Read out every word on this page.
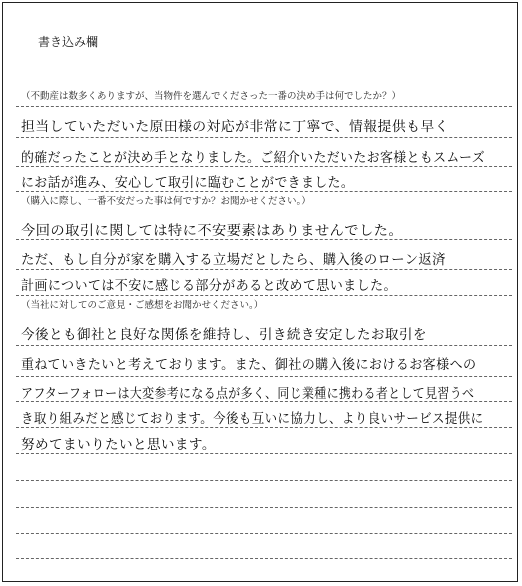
書き込み欄
（不動産は数多くありますが、当物件を選んでくださった一番の決め手は何でしたか？）
担当していただいた原田様の対応が非常に丁寧で、情報提供も早く
的確だったことが決め手となりました。ご紹介いただいたお客様ともスムーズ
にお話が進み、安心して取引に臨むことができました。
（購入に際し、一番不安だった事は何ですか？お聞かせください。）
今回の取引に関しては特に不安要素はありませんでした。
ただ、もし自分が家を購入する立場だとしたら、購入後のローン返済
計画については不安に感じる部分があると改めて思いました。
（当社に対してのご意見・ご感想をお聞かせください。）
今後とも御社と良好な関係を維持し、引き続き安定したお取引を
重ねていきたいと考えております。また、御社の購入後におけるお客様への
アフターフォローは大変参考になる点が多く、同じ業種に携わる者として見習うべ
き取り組みだと感じております。今後も互いに協力し、より良いサービス提供に
努めてまいりたいと思います。
